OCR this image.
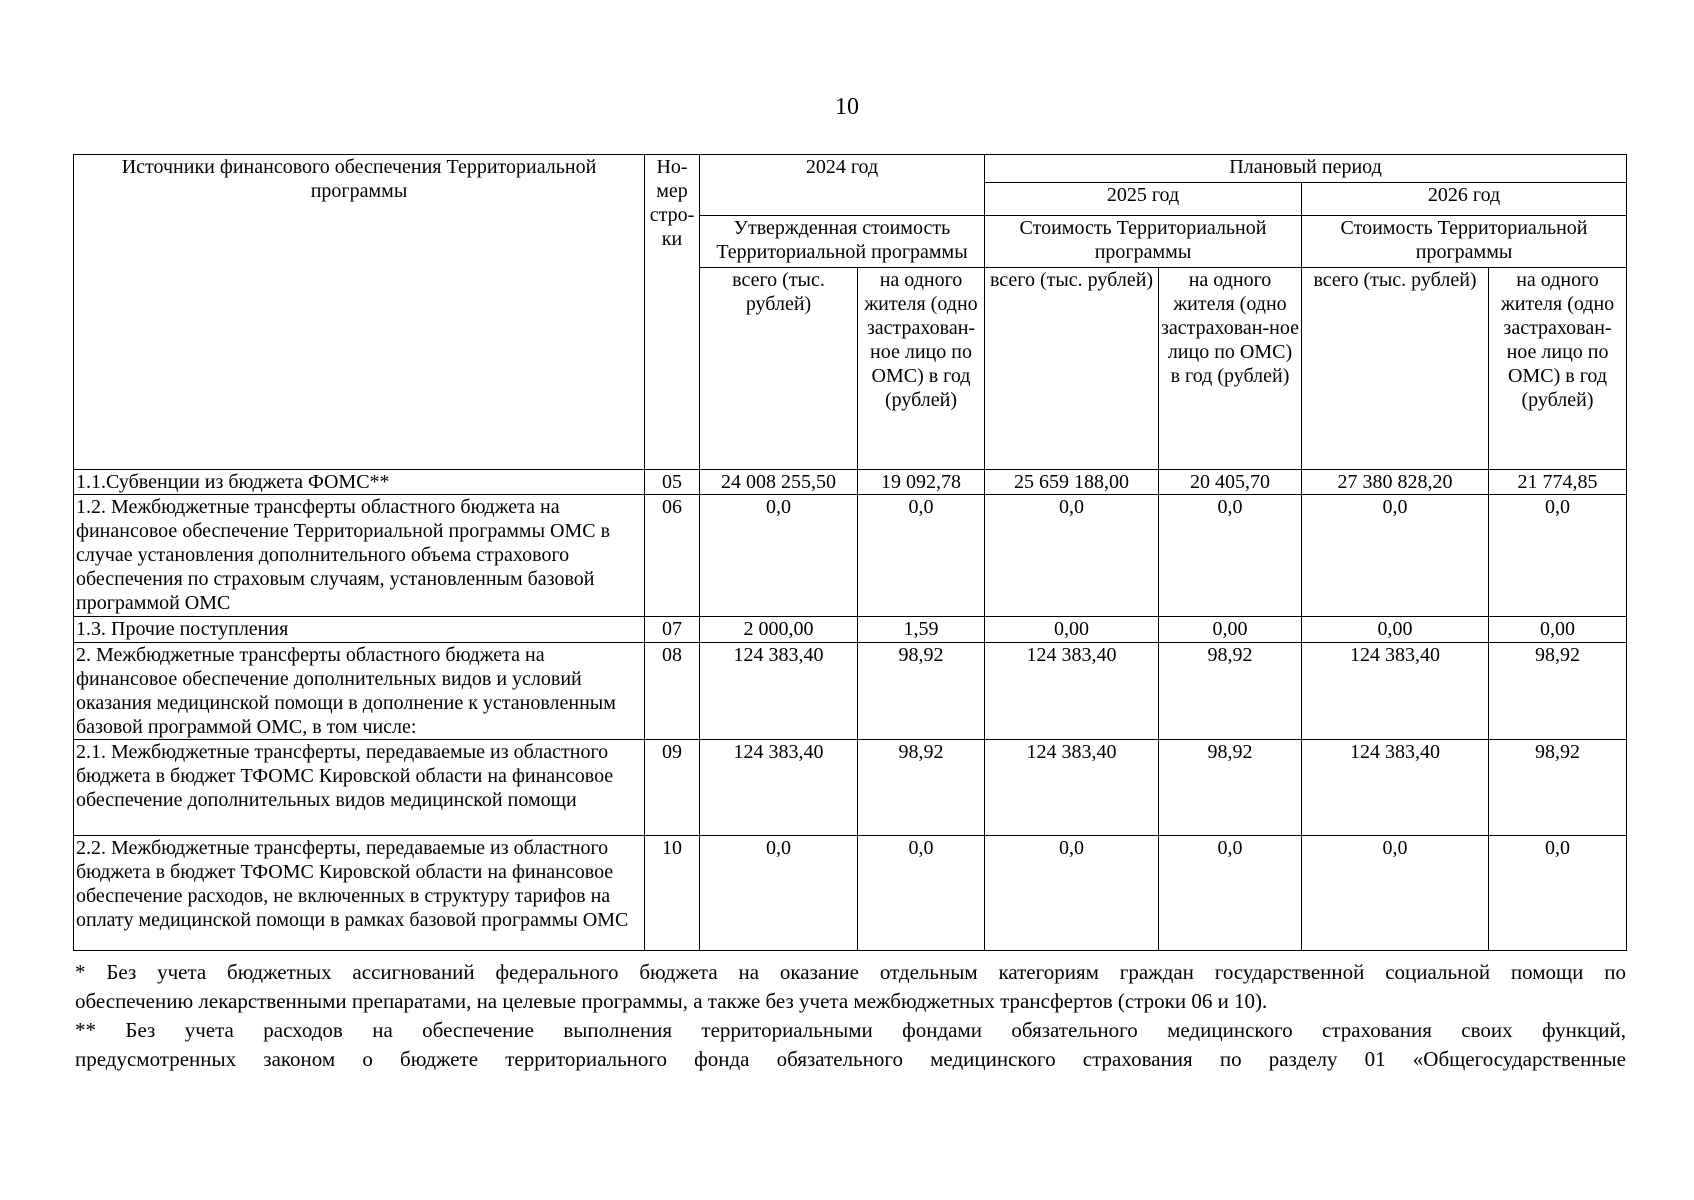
10
Источники финансового обеспечения Территориальной программы	Но-мер стро-ки	2024 год		Плановый период			
				2025 год		2026 год	
		Утвержденная стоимость Территориальной программы		Стоимость Территориальной программы		Стоимость Территориальной программы	
		всего (тыс. рублей)	на одного жителя (одно застрахован-ное лицо по ОМС) в год (рублей)	всего (тыс. рублей)	на одного жителя (одно застрахован-ное лицо по ОМС) в год (рублей)	всего (тыс. рублей)	на одного жителя (одно застрахован-ное лицо по ОМС) в год (рублей)
1.1.Субвенции из бюджета ФОМС**	05	24 008 255,50	19 092,78	25 659 188,00	20 405,70	27 380 828,20	21 774,85
1.2. Межбюджетные трансферты областного бюджета на финансовое обеспечение Территориальной программы ОМС в случае установления дополнительного объема страхового обеспечения по страховым случаям, установленным базовой программой ОМС	06	0,0	0,0	0,0	0,0	0,0	0,0
1.3. Прочие поступления	07	2 000,00	1,59	0,00	0,00	0,00	0,00
2. Межбюджетные трансферты областного бюджета на финансовое обеспечение дополнительных видов и условий оказания медицинской помощи в дополнение к установленным базовой программой ОМС, в том числе:	08	124 383,40	98,92	124 383,40	98,92	124 383,40	98,92
2.1. Межбюджетные трансферты, передаваемые из областного бюджета в бюджет ТФОМС Кировской области на финансовое обеспечение дополнительных видов медицинской помощи	09	124 383,40	98,92	124 383,40	98,92	124 383,40	98,92
2.2. Межбюджетные трансферты, передаваемые из областного бюджета в бюджет ТФОМС Кировской области на финансовое обеспечение расходов, не включенных в структуру тарифов на оплату медицинской помощи в рамках базовой программы ОМС	10	0,0	0,0	0,0	0,0	0,0	0,0

* Без учета бюджетных ассигнований федерального бюджета на оказание отдельным категориям граждан государственной социальной помощи по

обеспечению лекарственными препаратами, на целевые программы, а также без учета межбюджетных трансфертов (строки 06 и 10).

** Без учета расходов на обеспечение выполнения территориальными фондами обязательного медицинского страхования своих функций,

предусмотренных законом о бюджете территориального фонда обязательного медицинского страхования по разделу 01 «Общегосударственные
